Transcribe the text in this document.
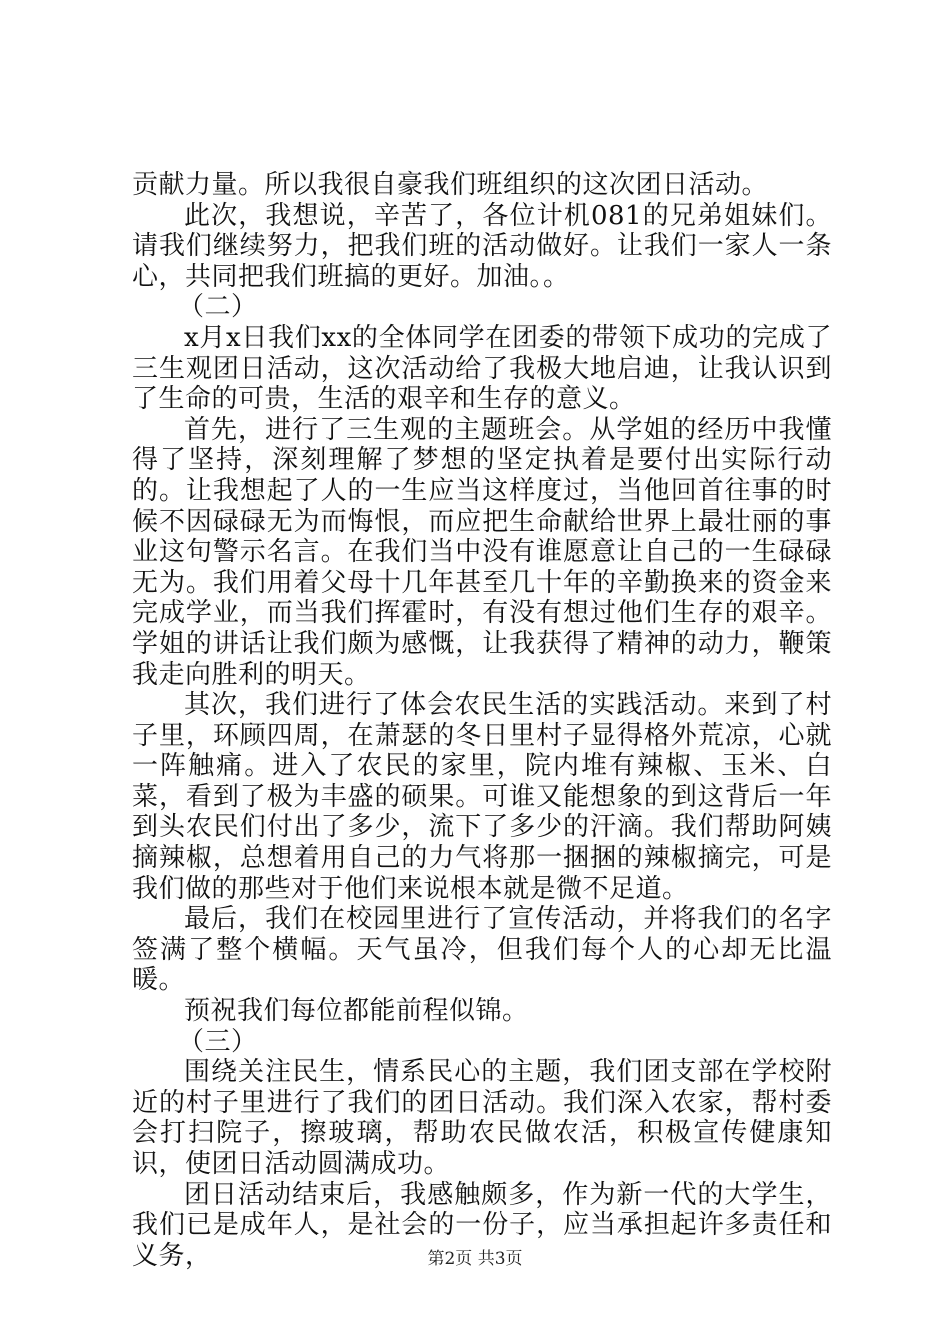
贡献力量。所以我很自豪我们班组织的这次团日活动。

此次，我想说，辛苦了，各位计机081的兄弟姐妹们。请我们继续努力，把我们班的活动做好。让我们一家人一条心，共同把我们班搞的更好。加油。。

（二）

x月x日我们xx的全体同学在团委的带领下成功的完成了三生观团日活动，这次活动给了我极大地启迪，让我认识到了生命的可贵，生活的艰辛和生存的意义。

首先，进行了三生观的主题班会。从学姐的经历中我懂得了坚持，深刻理解了梦想的坚定执着是要付出实际行动的。让我想起了人的一生应当这样度过，当他回首往事的时候不因碌碌无为而悔恨，而应把生命献给世界上最壮丽的事业这句警示名言。在我们当中没有谁愿意让自己的一生碌碌无为。我们用着父母十几年甚至几十年的辛勤换来的资金来完成学业，而当我们挥霍时，有没有想过他们生存的艰辛。学姐的讲话让我们颇为感慨，让我获得了精神的动力，鞭策我走向胜利的明天。

其次，我们进行了体会农民生活的实践活动。来到了村子里，环顾四周，在萧瑟的冬日里村子显得格外荒凉，心就一阵触痛。进入了农民的家里，院内堆有辣椒、玉米、白菜，看到了极为丰盛的硕果。可谁又能想象的到这背后一年到头农民们付出了多少，流下了多少的汗滴。我们帮助阿姨摘辣椒，总想着用自己的力气将那一捆捆的辣椒摘完，可是我们做的那些对于他们来说根本就是微不足道。

最后，我们在校园里进行了宣传活动，并将我们的名字签满了整个横幅。天气虽冷，但我们每个人的心却无比温暖。

预祝我们每位都能前程似锦。

（三）

围绕关注民生，情系民心的主题，我们团支部在学校附近的村子里进行了我们的团日活动。我们深入农家，帮村委会打扫院子，擦玻璃，帮助农民做农活，积极宣传健康知识，使团日活动圆满成功。

团日活动结束后，我感触颇多，作为新一代的大学生，我们已是成年人，是社会的一份子，应当承担起许多责任和义务，	第2页 共3页
